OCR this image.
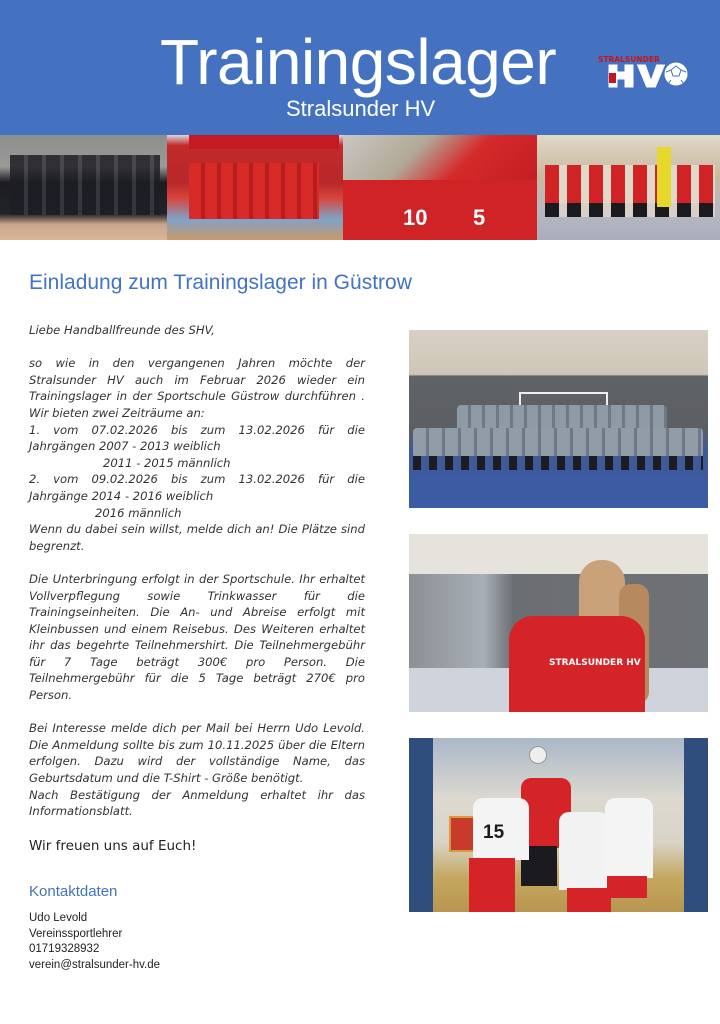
Trainingslager
Stralsunder HV
STRALSUNDER
10 5
Einladung zum Trainingslager in Güstrow

Liebe Handballfreunde des SHV,

so wie in den vergangenen Jahren möchte der Stralsunder HV auch im Februar 2026 wieder ein Trainingslager in der Sportschule Güstrow durchführen . Wir bieten zwei Zeiträume an:

1. vom 07.02.2026 bis zum 13.02.2026 für die

Jahrgängen 2007 - 2013 weiblich

2011 - 2015 männlich

2. vom 09.02.2026 bis zum 13.02.2026 für die

Jahrgänge 2014 - 2016 weiblich

2016 männlich

Wenn du dabei sein willst, melde dich an! Die Plätze sind begrenzt.

Die Unterbringung erfolgt in der Sportschule. Ihr erhaltet Vollverpflegung sowie Trinkwasser für die Trainingseinheiten. Die An- und Abreise erfolgt mit Kleinbussen und einem Reisebus. Des Weiteren erhaltet ihr das begehrte Teilnehmershirt. Die Teilnehmergebühr für 7 Tage beträgt 300€ pro Person. Die Teilnehmergebühr für die 5 Tage beträgt 270€ pro Person.

Bei Interesse melde dich per Mail bei Herrn Udo Levold. Die Anmeldung sollte bis zum 10.11.2025 über die Eltern erfolgen. Dazu wird der vollständige Name, das Geburtsdatum und die T-Shirt - Größe benötigt.

Nach Bestätigung der Anmeldung erhaltet ihr das Informationsblatt.

Wir freuen uns auf Euch!
Kontaktdaten
Udo Levold
Vereinssportlehrer
01719328932
verein@stralsunder-hv.de
STRALSUNDER HV
15
